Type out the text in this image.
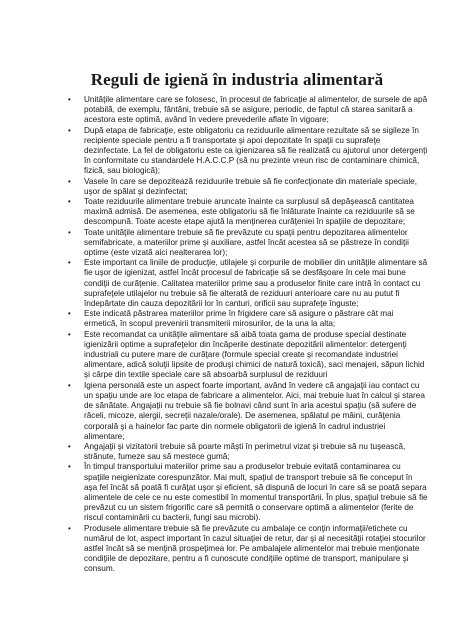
Reguli de igienă în industria alimentară
• Unităţile alimentare care se folosesc, în procesul de fabricaţie al alimentelor, de sursele de apă potabilă, de exemplu, fântâni, trebuie să se asigure, periodic, de faptul că starea sanitară a acestora este optimă, având în vedere prevederile aflate în vigoare;
• După etapa de fabricaţie, este obligatoriu ca reziduurile alimentare rezultate să se sigileze în recipiente speciale pentru a fi transportate şi apoi depozitate în spaţii cu suprafeţe dezinfectate. La fel de obligatoriu este ca igienizarea să fie realizată cu ajutorul unor detergenţi în conformitate cu standardele H.A.C.C.P (să nu prezinte vreun risc de contaminare chimică, fizică, sau biologică);
• Vasele în care se depozitează reziduurile trebuie să fie confecţionate din materiale speciale, uşor de spălat şi dezinfectat;
• Toate reziduurile alimentare trebuie aruncate înainte ca surplusul să depăşească cantitatea maximă admisă. De asemenea, este obligatoriu să fie înlăturate înainte ca reziduurile să se descompună. Toate aceste etape ajută la menţinerea curăţeniei în spaţiile de depozitare;
• Toate unităţile alimentare trebuie să fie prevăzute cu spaţii pentru depozitarea alimentelor semifabricate, a materiilor prime şi auxiliare, astfel încât acestea să se păstreze în condiţii optime (este vizată aici nealterarea lor);
• Este important ca liniile de producţie, utilajele şi corpurile de mobilier din unităţile alimentare să fie uşor de igienizat, astfel încât procesul de fabricaţie să se desfăşoare în cele mai bune condiţii de curăţenie. Calitatea materiilor prime sau a produselor finite care intră în contact cu suprafeţele utilajelor nu trebuie să fie alterată de reziduuri anterioare care nu au putut fi îndepărtate din cauza depozitării lor în canturi, orificii sau suprafeţe înguste;
• Este indicată păstrarea materiilor prime în frigidere care să asigure o păstrare cât mai ermetică, în scopul prevenirii transmiterii mirosurilor, de la una la alta;
• Este recomandat ca unităţile alimentare să aibă toata gama de produse special destinate igienizării optime a suprafeţelor din încăperile destinate depozitării alimentelor: detergenţi industriali cu putere mare de curăţare (formule special create şi recomandate industriei alimentare, adică soluţii lipsite de produşi chimici de natură toxică), saci menajeri, săpun lichid şi cârpe din textile speciale care să absoarbă surplusul de reziduuri
• Igiena personală este un aspect foarte important, având în vedere că angajaţii iau contact cu un spaţiu unde are loc etapa de fabricare a alimentelor. Aici, mai trebuie luat în calcul şi starea de sănătate. Angajaţii nu trebuie să fie bolnavi când sunt în aria acestui spaţiu (să sufere de răceli, micoze, alergii, secreţii nazale/orale). De asemenea, spălatul pe mâini, curăţenia corporală şi a hainelor fac parte din normele obligatorii de igienă în cadrul industriei alimentare;
• Angajaţii şi vizitatorii trebuie să poarte măşti în perimetrul vizat şi trebuie să nu tuşească, strănute, fumeze sau să mestece gumă;
• În timpul transportului materiilor prime sau a produselor trebuie evitată contaminarea cu spaţiile neigienizate corespunzător. Mai mult, spaţiul de transport trebuie să fie conceput în aşa fel încât să poată fi curăţat uşor şi eficient, să dispună de locuri în care să se poată separa alimentele de cele ce nu este comestibil în momentul transportării. În plus, spaţiul trebuie să fie prevăzut cu un sistem frigorific care să permită o conservare optimă a alimentelor (ferite de riscul contaminării cu bacterii, fungi sau microbi).
• Produsele alimentare trebuie să fie prevăzute cu ambalaje ce conţin informaţii/etichete cu numărul de lot, aspect important în cazul situaţiei de retur, dar şi al necesităţii rotaţiei stocurilor astfel încât să se menţină prospeţimea lor. Pe ambalajele alimentelor mai trebuie menţionate condiţiile de depozitare, pentru a fi cunoscute condiţiile optime de transport, manipulare şi consum.
